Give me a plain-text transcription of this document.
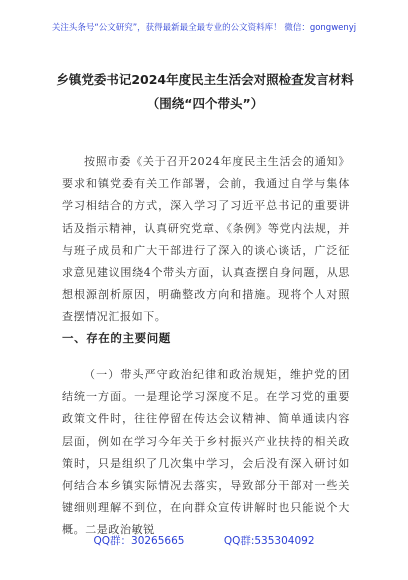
关注头条号“公文研究”，获得最新最全最专业的公文资料库！ 微信：gongwenyj
乡镇党委书记2024年度民主生活会对照检查发言材料（围绕“四个带头”）
按照市委《关于召开2024年度民主生活会的通知》要求和镇党委有关工作部署，会前，我通过自学与集体学习相结合的方式，深入学习了习近平总书记的重要讲话及指示精神，认真研究党章、《条例》等党内法规，并与班子成员和广大干部进行了深入的谈心谈话，广泛征求意见建议围绕4个带头方面，认真查摆自身问题，从思想根源剖析原因，明确整改方向和措施。现将个人对照查摆情况汇报如下。
一、存在的主要问题
（一）带头严守政治纪律和政治规矩，维护党的团结统一方面。一是理论学习深度不足。在学习党的重要政策文件时，往往停留在传达会议精神、简单通读内容层面，例如在学习今年关于乡村振兴产业扶持的相关政策时，只是组织了几次集中学习，会后没有深入研讨如何结合本乡镇实际情况去落实，导致部分干部对一些关键细则理解不到位，在向群众宣传讲解时也只能说个大概。二是政治敏锐
QQ群：30265665	QQ群:535304092
